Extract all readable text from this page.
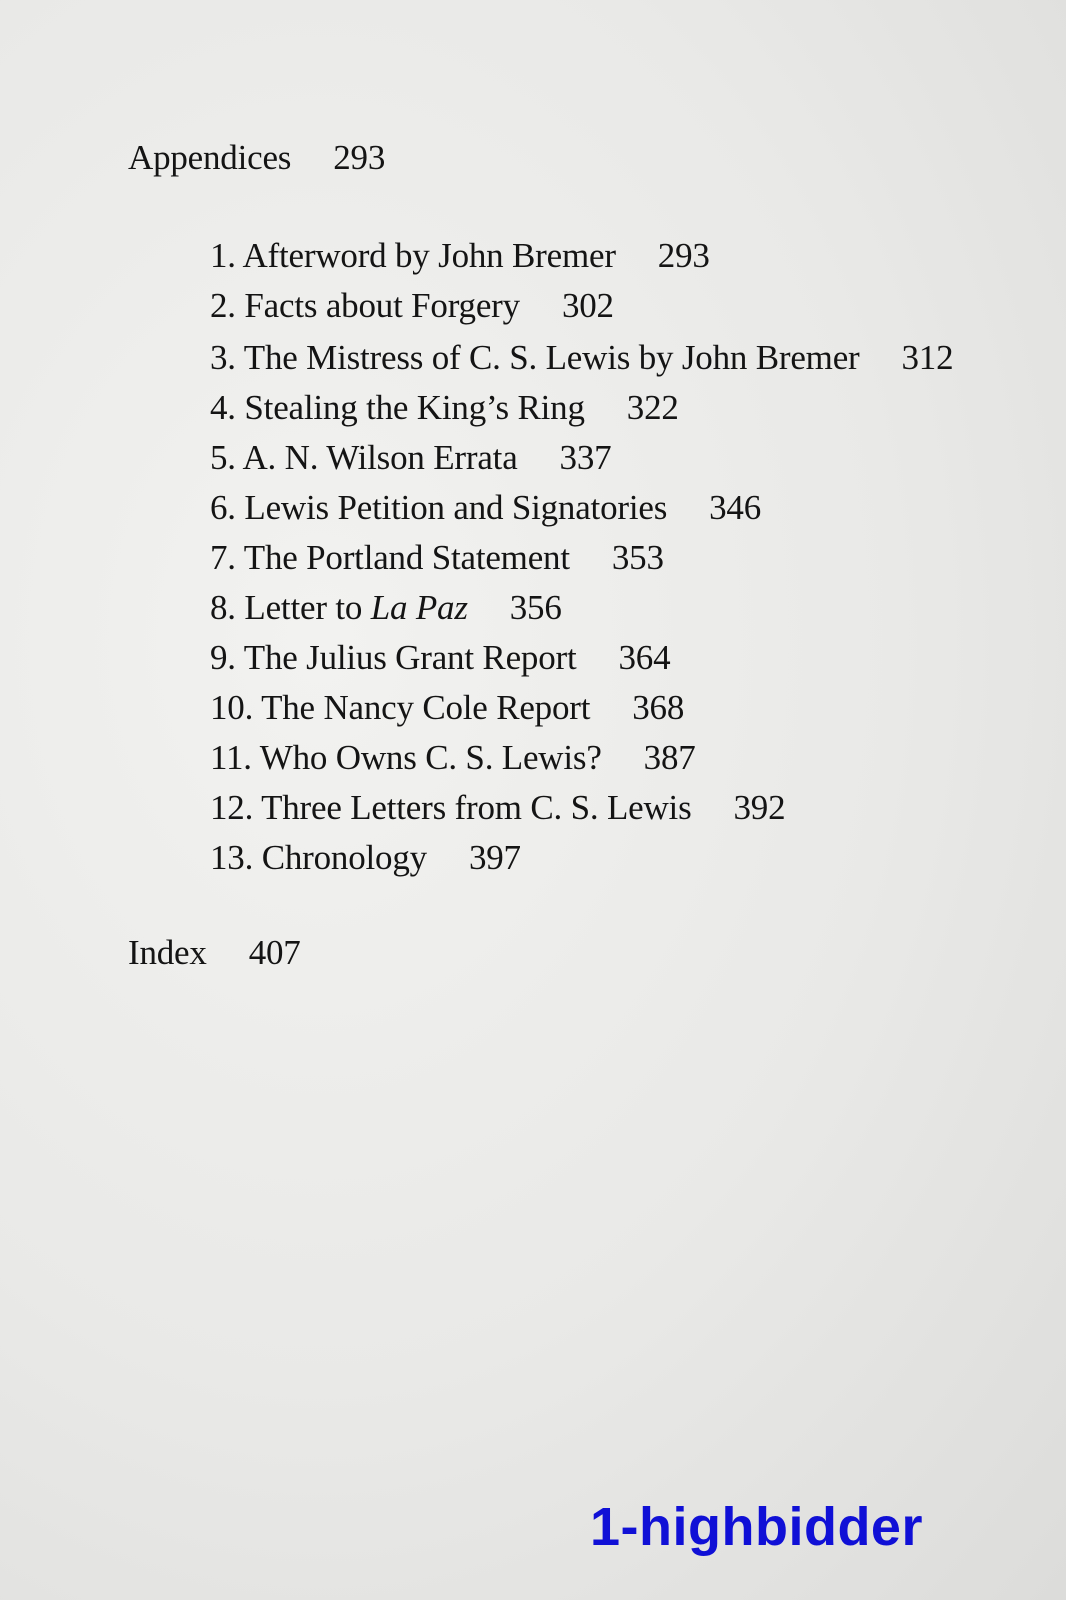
Appendices 293
1. Afterword by John Bremer 293
2. Facts about Forgery 302
3. The Mistress of C. S. Lewis by John Bremer 312
4. Stealing the King’s Ring 322
5. A. N. Wilson Errata 337
6. Lewis Petition and Signatories 346
7. The Portland Statement 353
8. Letter to La Paz 356
9. The Julius Grant Report 364
10. The Nancy Cole Report 368
11. Who Owns C. S. Lewis? 387
12. Three Letters from C. S. Lewis 392
13. Chronology 397
Index 407
1-highbidder
